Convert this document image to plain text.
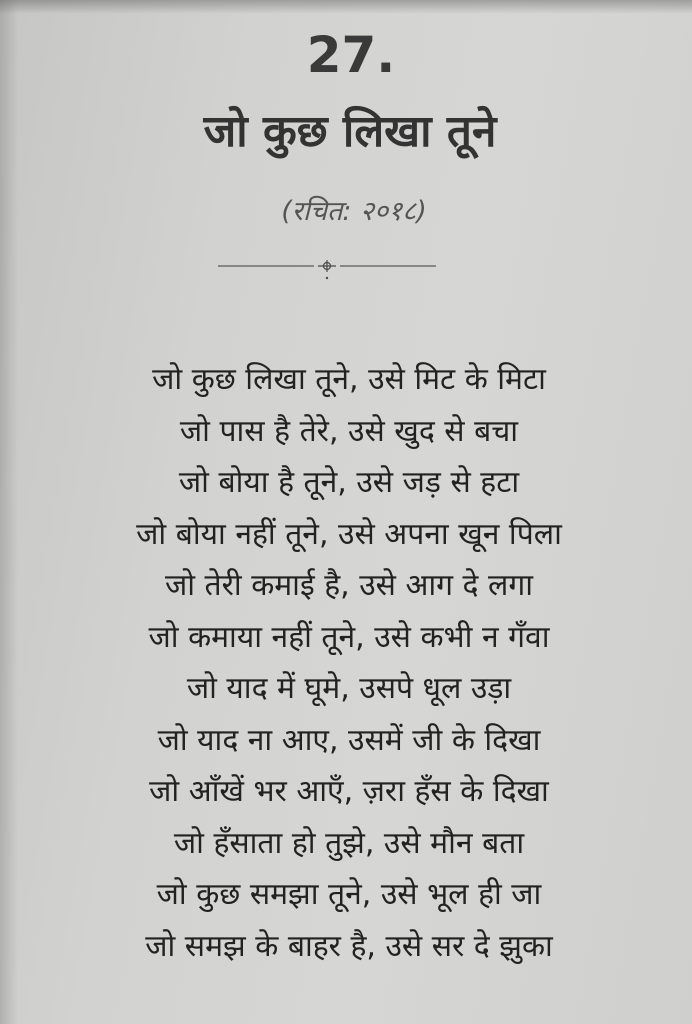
27.
जो कुछ लिखा तूने
(रचित: २०१८)
जो कुछ लिखा तूने, उसे मिट के मिटा
जो पास है तेरे, उसे खुद से बचा
जो बोया है तूने, उसे जड़ से हटा
जो बोया नहीं तूने, उसे अपना खून पिला
जो तेरी कमाई है, उसे आग दे लगा
जो कमाया नहीं तूने, उसे कभी न गँवा
जो याद में घूमे, उसपे धूल उड़ा
जो याद ना आए, उसमें जी के दिखा
जो आँखें भर आएँ, ज़रा हँस के दिखा
जो हँसाता हो तुझे, उसे मौन बता
जो कुछ समझा तूने, उसे भूल ही जा
जो समझ के बाहर है, उसे सर दे झुका
